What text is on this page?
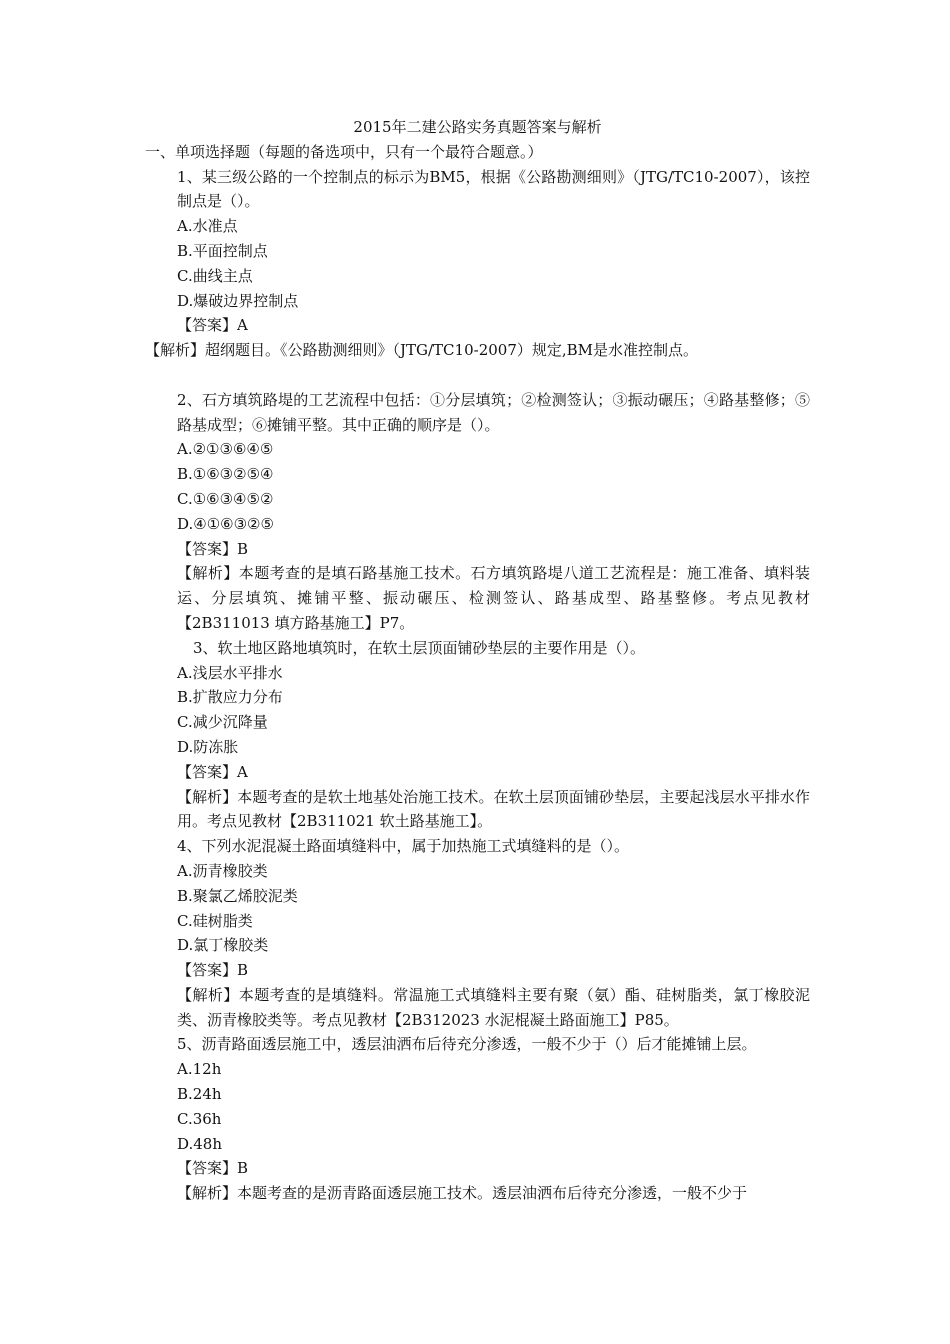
2015年二建公路实务真题答案与解析

一、单项选择题（每题的备选项中，只有一个最符合题意。）

1、某三级公路的一个控制点的标示为BM5，根据《公路勘测细则》（JTG/TC10-2007），该控制点是（）。

A.水准点

B.平面控制点

C.曲线主点

D.爆破边界控制点

【答案】A

【解析】超纲题目。《公路勘测细则》（JTG/TC10-2007）规定,BM是水准控制点。

2、石方填筑路堤的工艺流程中包括：①分层填筑；②检测签认；③振动碾压；④路基整修；⑤路基成型；⑥摊铺平整。其中正确的顺序是（）。

A.②①③⑥④⑤

B.①⑥③②⑤④

C.①⑥③④⑤②

D.④①⑥③②⑤

【答案】B

【解析】本题考查的是填石路基施工技术。石方填筑路堤八道工艺流程是：施工准备、填料装运、分层填筑、摊铺平整、振动碾压、检测签认、路基成型、路基整修。考点见教材【2B311013 填方路基施工】P7。

3、软土地区路地填筑时，在软土层顶面铺砂垫层的主要作用是（）。

A.浅层水平排水

B.扩散应力分布

C.减少沉降量

D.防冻胀

【答案】A

【解析】本题考查的是软土地基处治施工技术。在软土层顶面铺砂垫层，主要起浅层水平排水作用。考点见教材【2B311021 软土路基施工】。

4、下列水泥混凝土路面填缝料中，属于加热施工式填缝料的是（）。

A.沥青橡胶类

B.聚氯乙烯胶泥类

C.硅树脂类

D.氯丁橡胶类

【答案】B

【解析】本题考查的是填缝料。常温施工式填缝料主要有聚（氨）酯、硅树脂类，氯丁橡胶泥类、沥青橡胶类等。考点见教材【2B312023 水泥棍凝土路面施工】P85。

5、沥青路面透层施工中，透层油洒布后待充分渗透，一般不少于（）后才能摊铺上层。

A.12h

B.24h

C.36h

D.48h

【答案】B

【解析】本题考查的是沥青路面透层施工技术。透层油洒布后待充分渗透，一般不少于
